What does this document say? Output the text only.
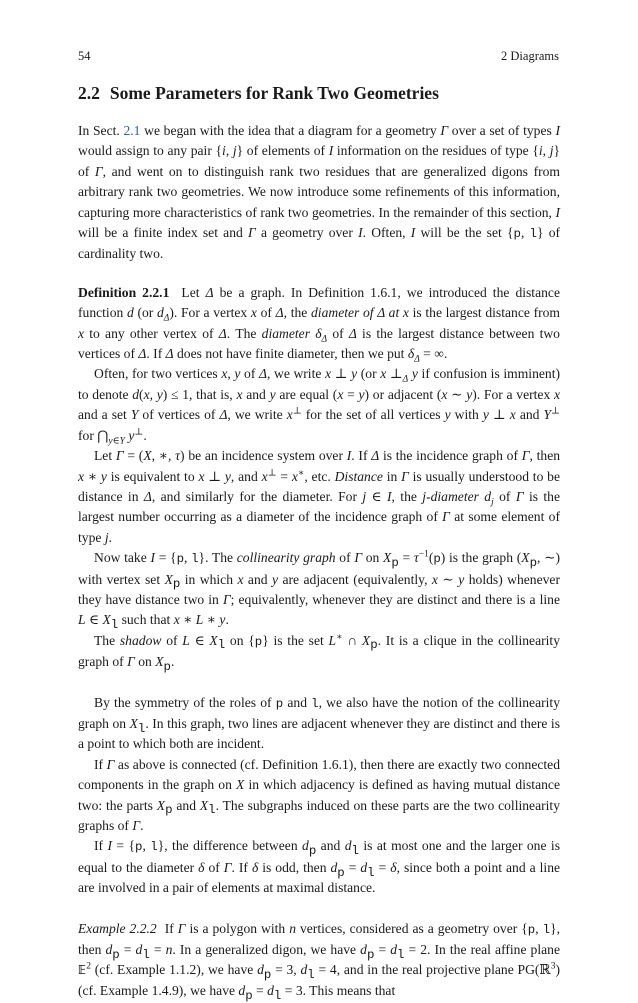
54	2 Diagrams
2.2 Some Parameters for Rank Two Geometries

In Sect. 2.1 we began with the idea that a diagram for a geometry Γ over a set of types I would assign to any pair {i, j} of elements of I information on the residues of type {i, j} of Γ, and went on to distinguish rank two residues that are generalized digons from arbitrary rank two geometries. We now introduce some refinements of this information, capturing more characteristics of rank two geometries. In the remainder of this section, I will be a finite index set and Γ a geometry over I. Often, I will be the set {p, l} of cardinality two.

Definition 2.2.1  Let Δ be a graph. In Definition 1.6.1, we introduced the distance function d (or $d_\Delta$). For a vertex x of Δ, the diameter of Δ at x is the largest distance from x to any other vertex of Δ. The diameter $\delta_\Delta$ of Δ is the largest distance between two vertices of Δ. If Δ does not have finite diameter, then we put $\delta_\Delta$ = ∞.

Often, for two vertices x, y of Δ, we write x ⊥ y (or x $\perp_\Delta$ y if confusion is imminent) to denote d(x, y) ≤ 1, that is, x and y are equal (x = y) or adjacent (x ∼ y). For a vertex x and a set Y of vertices of Δ, we write x⊥ for the set of all vertices y with y ⊥ x and Y⊥ for $⋂_{y\in Y}$ y⊥.

Let Γ = (X, ∗, τ) be an incidence system over I. If Δ is the incidence graph of Γ, then x ∗ y is equivalent to x ⊥ y, and x⊥ = x∗, etc. Distance in Γ is usually understood to be distance in Δ, and similarly for the diameter. For j ∈ I, the j-diameter $d_j$ of Γ is the largest number occurring as a diameter of the incidence graph of Γ at some element of type j.

Now take I = {p, l}. The collinearity graph of Γ on $X_p = \tau^{-1}(p)$ is the graph ($X_p$, ∼) with vertex set $X_p$ in which x and y are adjacent (equivalently, x ∼ y holds) whenever they have distance two in Γ; equivalently, whenever they are distinct and there is a line L ∈ $X_l$ such that x ∗ L ∗ y.

The shadow of L ∈ $X_l$ on {p} is the set L∗ ∩ $X_p$. It is a clique in the collinearity graph of Γ on $X_p$.

By the symmetry of the roles of p and l, we also have the notion of the collinearity graph on $X_l$. In this graph, two lines are adjacent whenever they are distinct and there is a point to which both are incident.

If Γ as above is connected (cf. Definition 1.6.1), then there are exactly two connected components in the graph on X in which adjacency is defined as having mutual distance two: the parts $X_p$ and $X_l$. The subgraphs induced on these parts are the two collinearity graphs of Γ.

If I = {p, l}, the difference between $d_p$ and $d_l$ is at most one and the larger one is equal to the diameter δ of Γ. If δ is odd, then $d_p = d_l = \delta$, since both a point and a line are involved in a pair of elements at maximal distance.

Example 2.2.2  If Γ is a polygon with n vertices, considered as a geometry over {p, l}, then $d_p = d_l = n$. In a generalized digon, we have $d_p = d_l = 2$. In the real affine plane 𝔼$^2$ (cf. Example 1.1.2), we have $d_p = 3$, $d_l = 4$, and in the real projective plane PG(ℝ$^3$) (cf. Example 1.4.9), we have $d_p = d_l = 3$. This means that
